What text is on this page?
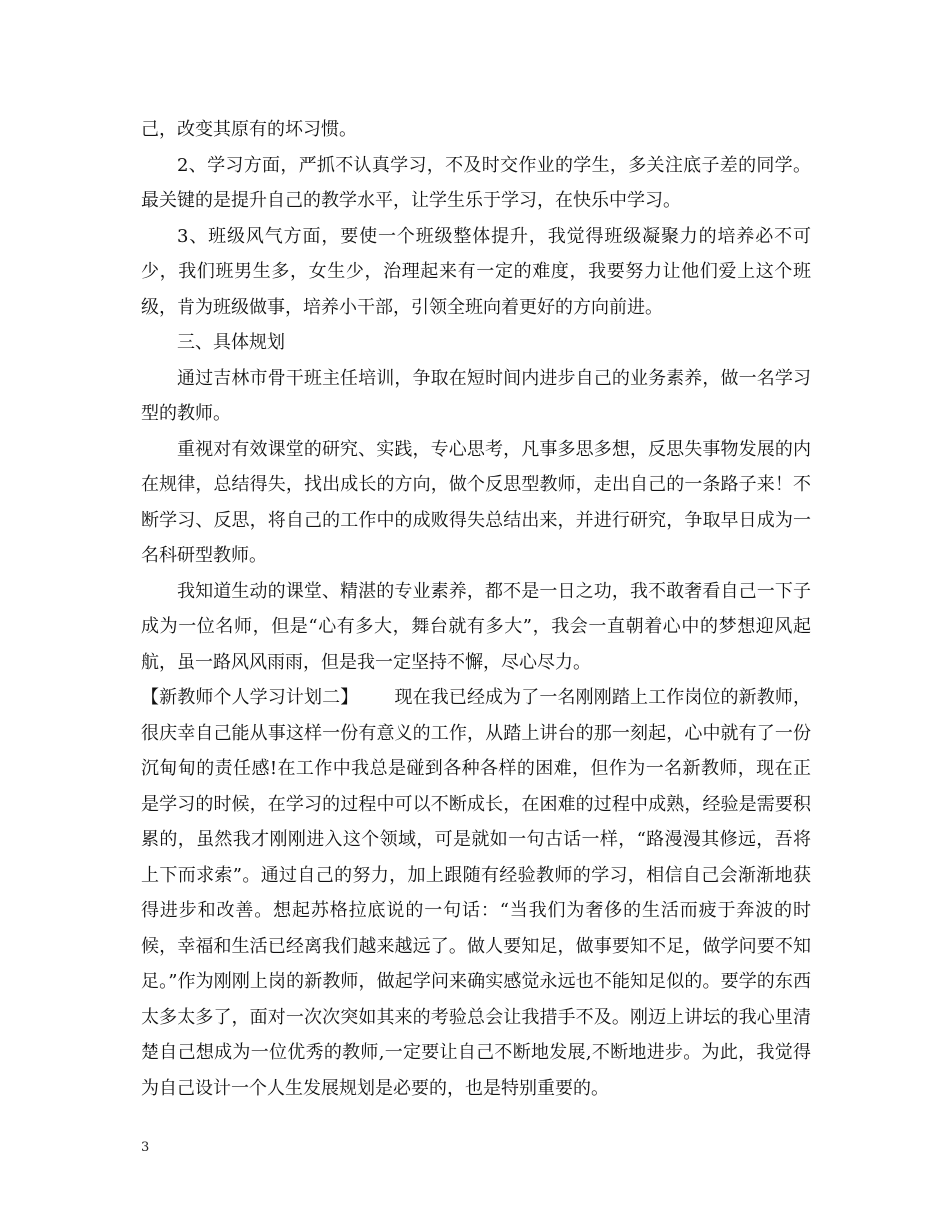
己，改变其原有的坏习惯。

2、学习方面，严抓不认真学习，不及时交作业的学生，多关注底子差的同学。最关键的是提升自己的教学水平，让学生乐于学习，在快乐中学习。

3、班级风气方面，要使一个班级整体提升，我觉得班级凝聚力的培养必不可少，我们班男生多，女生少，治理起来有一定的难度，我要努力让他们爱上这个班级，肯为班级做事，培养小干部，引领全班向着更好的方向前进。

三、具体规划

通过吉林市骨干班主任培训，争取在短时间内进步自己的业务素养，做一名学习型的教师。

重视对有效课堂的研究、实践，专心思考，凡事多思多想，反思失事物发展的内在规律，总结得失，找出成长的方向，做个反思型教师，走出自己的一条路子来！不断学习、反思，将自己的工作中的成败得失总结出来，并进行研究，争取早日成为一名科研型教师。

我知道生动的课堂、精湛的专业素养，都不是一日之功，我不敢奢看自己一下子成为一位名师，但是“心有多大，舞台就有多大”，我会一直朝着心中的梦想迎风起航，虽一路风风雨雨，但是我一定坚持不懈，尽心尽力。

【新教师个人学习计划二】 现在我已经成为了一名刚刚踏上工作岗位的新教师，很庆幸自己能从事这样一份有意义的工作，从踏上讲台的那一刻起，心中就有了一份沉甸甸的责任感!在工作中我总是碰到各种各样的困难，但作为一名新教师，现在正是学习的时候，在学习的过程中可以不断成长，在困难的过程中成熟，经验是需要积累的，虽然我才刚刚进入这个领域，可是就如一句古话一样，“路漫漫其修远，吾将上下而求索”。通过自己的努力，加上跟随有经验教师的学习，相信自己会渐渐地获得进步和改善。想起苏格拉底说的一句话：“当我们为奢侈的生活而疲于奔波的时候，幸福和生活已经离我们越来越远了。做人要知足，做事要知不足，做学问要不知足。”作为刚刚上岗的新教师，做起学问来确实感觉永远也不能知足似的。要学的东西太多太多了，面对一次次突如其来的考验总会让我措手不及。刚迈上讲坛的我心里清楚自己想成为一位优秀的教师,一定要让自己不断地发展,不断地进步。为此，我觉得为自己设计一个人生发展规划是必要的，也是特别重要的。

3
